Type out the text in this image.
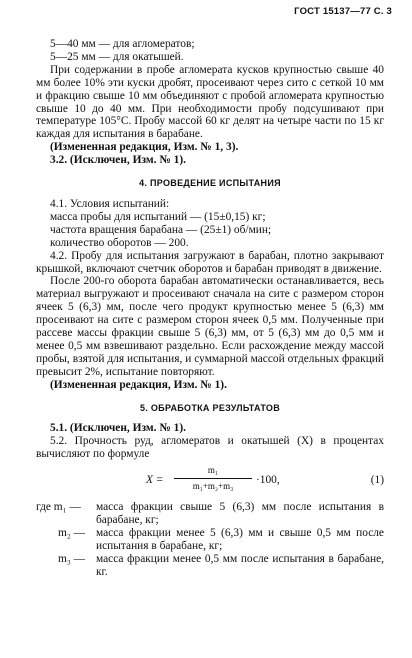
ГОСТ 15137—77 С. 3

5—40 мм — для агломератов;

5—25 мм — для окатышей.

При содержании в пробе агломерата кусков крупностью свыше 40 мм более 10% эти куски дробят, просеивают через сито с сеткой 10 мм и фракцию свыше 10 мм объединяют с пробой агломерата крупностью свыше 10 до 40 мм. При необходимости пробу подсушивают при температуре 105°С. Пробу массой 60 кг делят на четыре части по 15 кг каждая для испытания в барабане.

(Измененная редакция, Изм. № 1, 3).

3.2. (Исключен, Изм. № 1).

4. ПРОВЕДЕНИЕ ИСПЫТАНИЯ

4.1. Условия испытаний:

масса пробы для испытаний — (15±0,15) кг;

частота вращения барабана — (25±1) об/мин;

количество оборотов — 200.

4.2. Пробу для испытания загружают в барабан, плотно закрывают крышкой, включают счетчик оборотов и барабан приводят в движение.

После 200-го оборота барабан автоматически останавливается, весь материал выгружают и просеивают сначала на сите с размером сторон ячеек 5 (6,3) мм, после чего продукт крупностью менее 5 (6,3) мм просеивают на сите с размером сторон ячеек 0,5 мм. Полученные при рассеве массы фракции свыше 5 (6,3) мм, от 5 (6,3) мм до 0,5 мм и менее 0,5 мм взвешивают раздельно. Если расхождение между массой пробы, взятой для испытания, и суммарной массой отдельных фракций превысит 2%, испытание повторяют.

(Измененная редакция, Изм. № 1).

5. ОБРАБОТКА РЕЗУЛЬТАТОВ

5.1. (Исключен, Изм. № 1).

5.2. Прочность руд, агломератов и окатышей (X) в процентах вычисляют по формуле

X =
m₁
m₁+m₂+m₃	·100,	(1)
где m₁ —	масса фракции свыше 5 (6,3) мм после испытания в барабане, кг;
m₂ — масса фракции менее 5 (6,3) мм и свыше 0,5 мм после испытания в барабане, кг;
m₃ — масса фракции менее 0,5 мм после испытания в барабане, кг.
